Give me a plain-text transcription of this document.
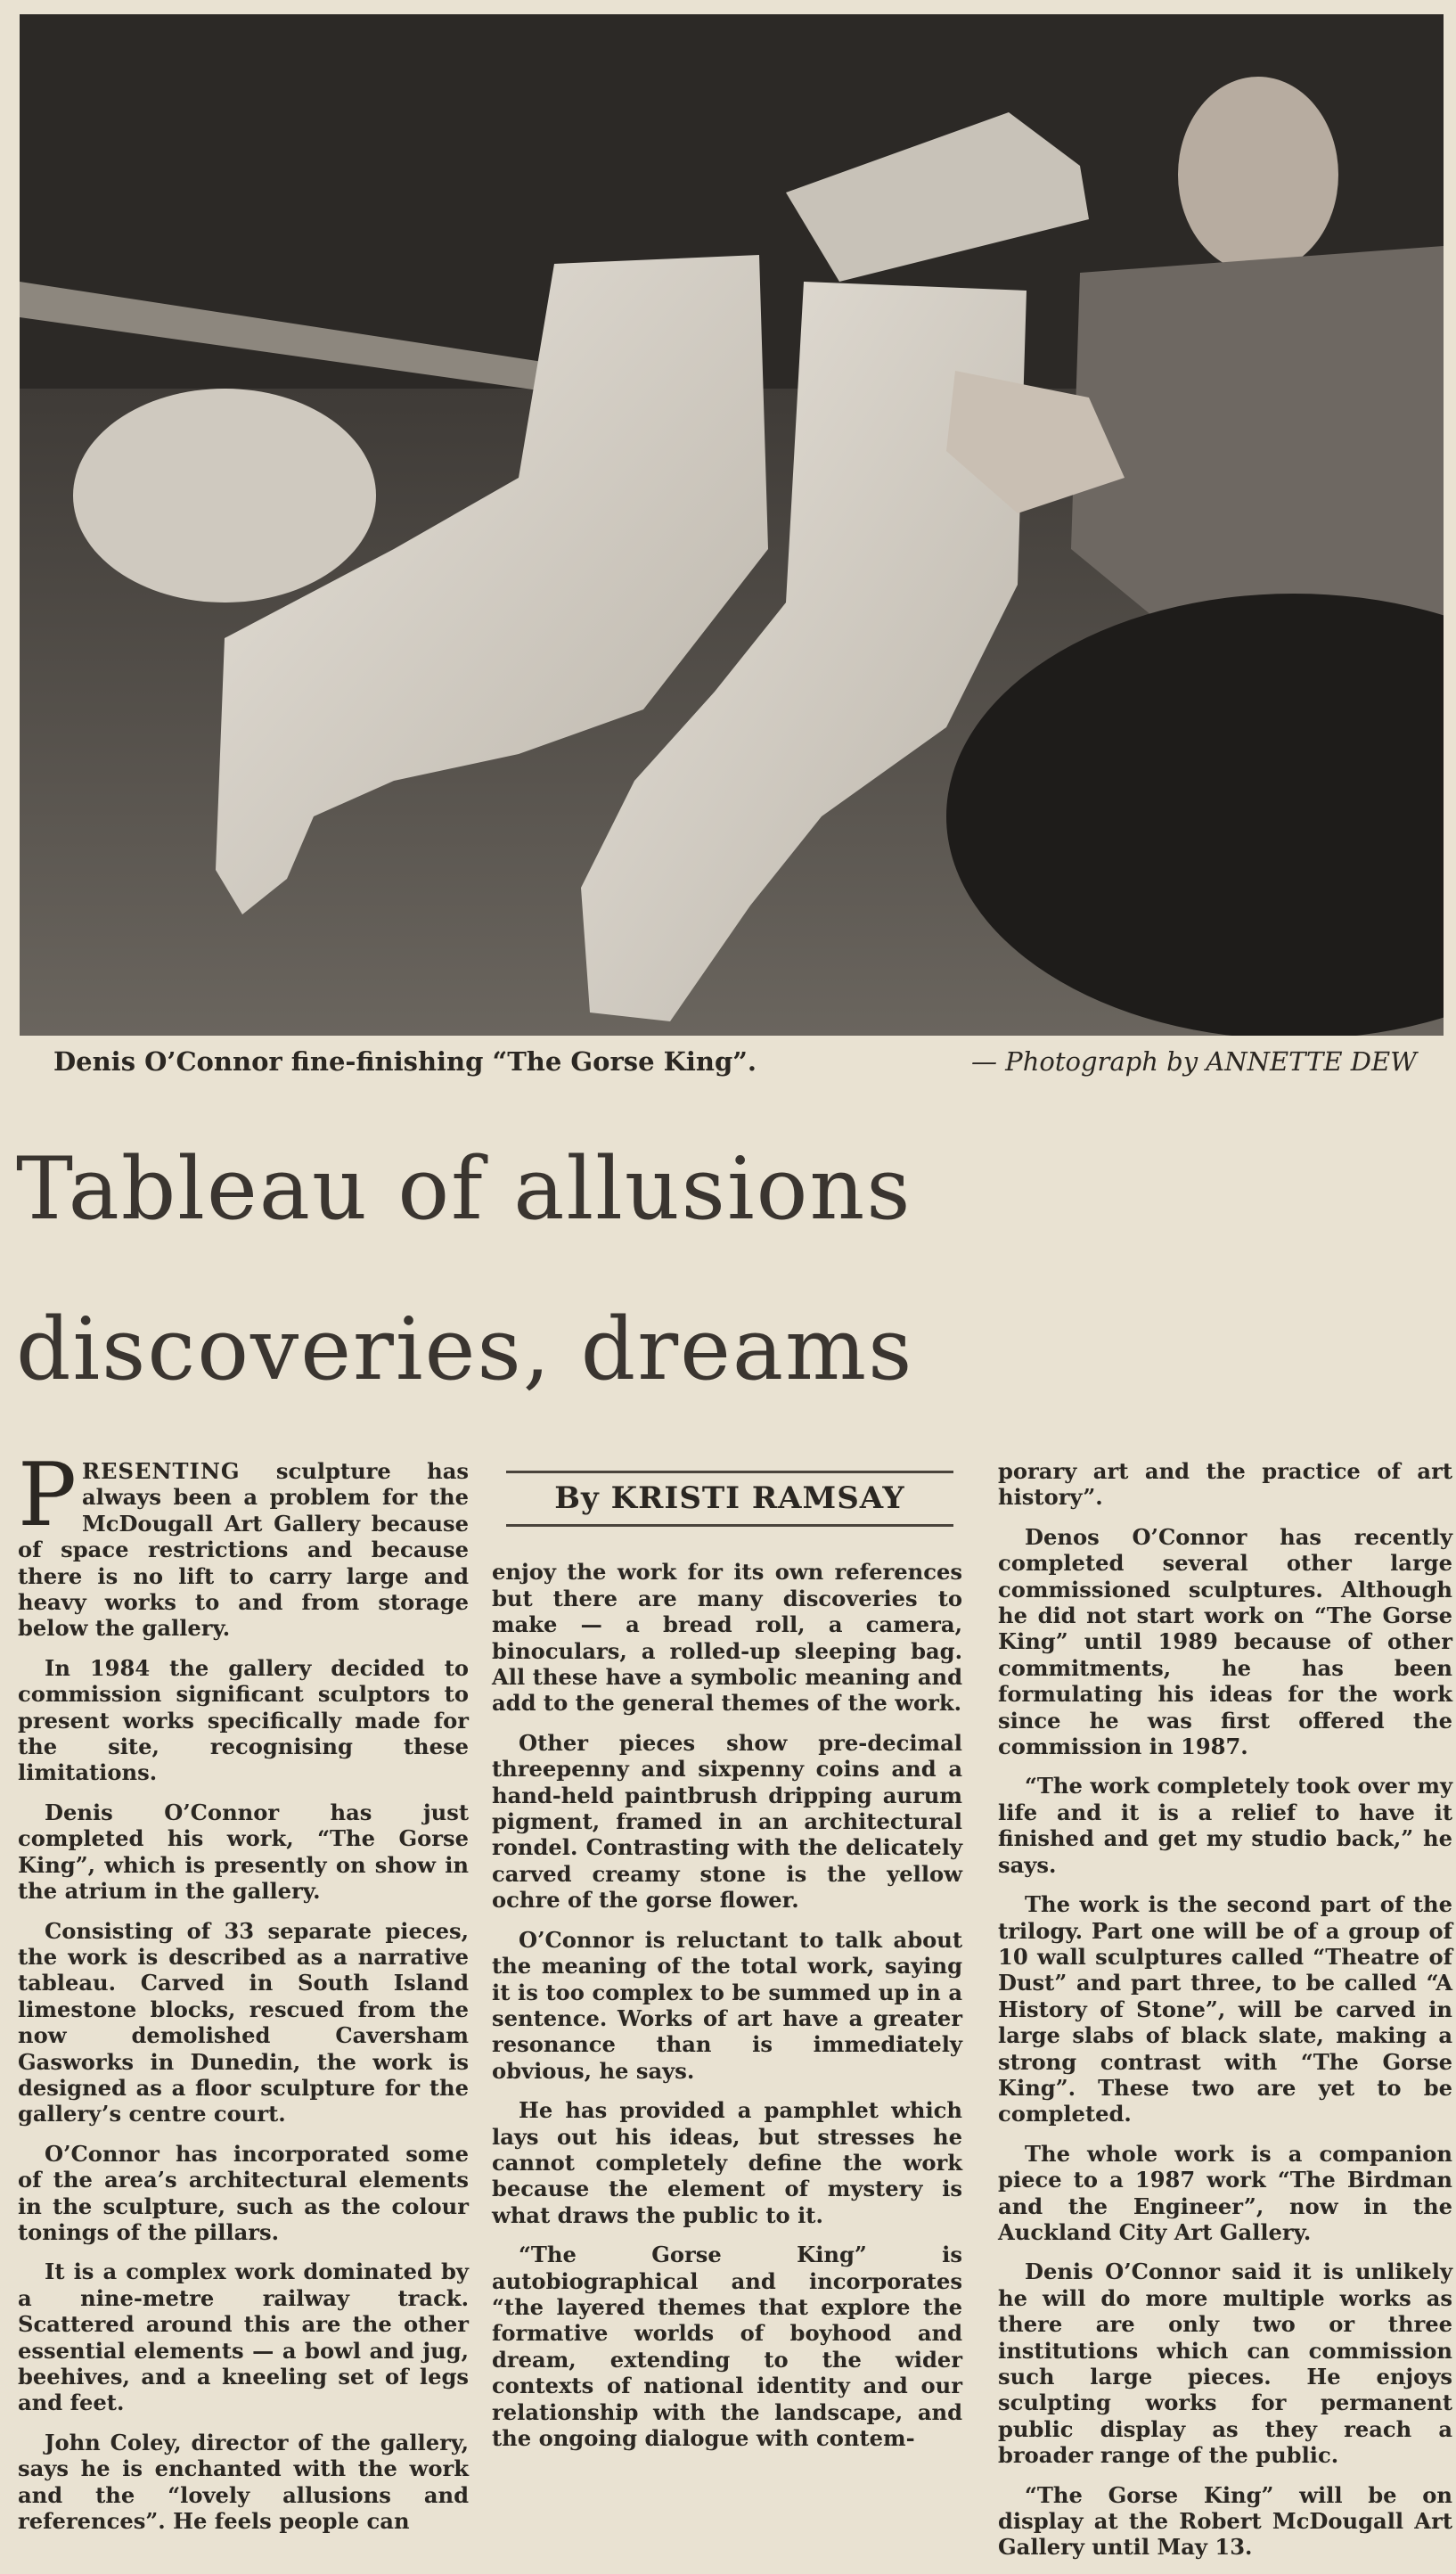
Denis O’Connor fine-finishing “The Gorse King”.	— Photograph by ANNETTE DEW
Tableau of allusions
discoveries, dreams

PRESENTING sculpture has always been a problem for the McDougall Art Gallery because of space restrictions and because there is no lift to carry large and heavy works to and from storage below the gallery.

In 1984 the gallery decided to commission significant sculptors to present works specifically made for the site, recognising these limitations.

Denis O’Connor has just completed his work, “The Gorse King”, which is presently on show in the atrium in the gallery.

Consisting of 33 separate pieces, the work is described as a narrative tableau. Carved in South Island limestone blocks, rescued from the now demolished Caversham Gasworks in Dunedin, the work is designed as a floor sculpture for the gallery’s centre court.

O’Connor has incorporated some of the area’s architectural elements in the sculpture, such as the colour tonings of the pillars.

It is a complex work dominated by a nine-metre railway track. Scattered around this are the other essential elements — a bowl and jug, beehives, and a kneeling set of legs and feet.

John Coley, director of the gallery, says he is enchanted with the work and the “lovely allusions and references”. He feels people can

By KRISTI RAMSAY

enjoy the work for its own references but there are many discoveries to make — a bread roll, a camera, binoculars, a rolled-up sleeping bag. All these have a symbolic meaning and add to the general themes of the work.

Other pieces show pre-decimal threepenny and sixpenny coins and a hand-held paintbrush dripping aurum pigment, framed in an architectural rondel. Contrasting with the delicately carved creamy stone is the yellow ochre of the gorse flower.

O’Connor is reluctant to talk about the meaning of the total work, saying it is too complex to be summed up in a sentence. Works of art have a greater resonance than is immediately obvious, he says.

He has provided a pamphlet which lays out his ideas, but stresses he cannot completely define the work because the element of mystery is what draws the public to it.

“The Gorse King” is autobiographical and incorporates “the layered themes that explore the formative worlds of boyhood and dream, extending to the wider contexts of national identity and our relationship with the landscape, and the ongoing dialogue with contem-

porary art and the practice of art history”.

Denos O’Connor has recently completed several other large commissioned sculptures. Although he did not start work on “The Gorse King” until 1989 because of other commitments, he has been formulating his ideas for the work since he was first offered the commission in 1987.

“The work completely took over my life and it is a relief to have it finished and get my studio back,” he says.

The work is the second part of the trilogy. Part one will be of a group of 10 wall sculptures called “Theatre of Dust” and part three, to be called “A History of Stone”, will be carved in large slabs of black slate, making a strong contrast with “The Gorse King”. These two are yet to be completed.

The whole work is a companion piece to a 1987 work “The Birdman and the Engineer”, now in the Auckland City Art Gallery.

Denis O’Connor said it is unlikely he will do more multiple works as there are only two or three institutions which can commission such large pieces. He enjoys sculpting works for permanent public display as they reach a broader range of the public.

“The Gorse King” will be on display at the Robert McDougall Art Gallery until May 13.
